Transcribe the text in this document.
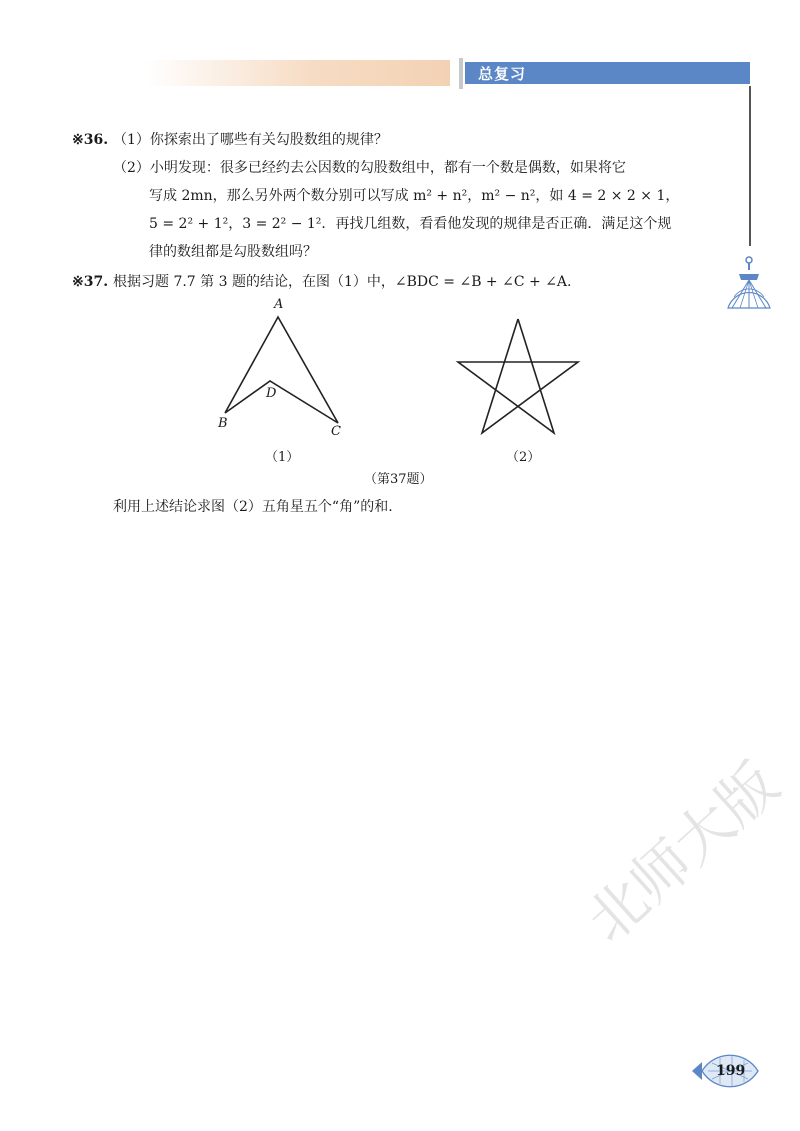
总复习
※36. （1）你探索出了哪些有关勾股数组的规律？
（2）小明发现：很多已经约去公因数的勾股数组中，都有一个数是偶数，如果将它
写成 2mn，那么另外两个数分别可以写成 m² + n²，m² − n²，如 4 = 2 × 2 × 1，
5 = 2² + 1²，3 = 2² − 1²．再找几组数，看看他发现的规律是否正确．满足这个规
律的数组都是勾股数组吗？
※37. 根据习题 7.7 第 3 题的结论，在图（1）中，∠BDC = ∠B + ∠C + ∠A.
A
D
B
C
（1）	（2）
（第37题）
利用上述结论求图（2）五角星五个“角”的和.
北师大版
199
